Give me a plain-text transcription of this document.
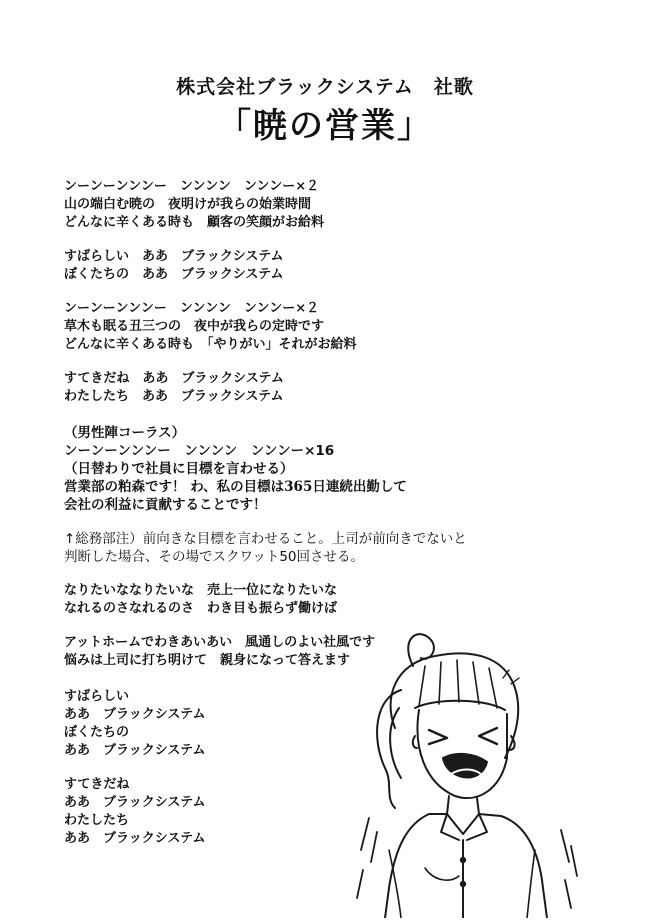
株式会社ブラックシステム　社歌
「暁の営業」
ンーンーンンンー　ンンンン　ンンンー×２
山の端白む暁の　夜明けが我らの始業時間
どんなに辛くある時も　顧客の笑顔がお給料
すばらしい　ああ　ブラックシステム
ぼくたちの　ああ　ブラックシステム
ンーンーンンンー　ンンンン　ンンンー×２
草木も眠る丑三つの　夜中が我らの定時です
どんなに辛くある時も　「やりがい」それがお給料
すてきだね　ああ　ブラックシステム
わたしたち　ああ　ブラックシステム
（男性陣コーラス）
ンーンーンンンー　ンンンン　ンンンー×16
（日替わりで社員に目標を言わせる）
営業部の粕森です！ わ、私の目標は365日連続出勤して
会社の利益に貢献することです！
↑総務部注）前向きな目標を言わせること。上司が前向きでないと
判断した場合、その場でスクワット50回させる。
なりたいななりたいな　売上一位になりたいな
なれるのさなれるのさ　わき目も振らず働けば
アットホームでわきあいあい　風通しのよい社風です
悩みは上司に打ち明けて　親身になって答えます
すばらしい
ああ　ブラックシステム
ぼくたちの
ああ　ブラックシステム
すてきだね
ああ　ブラックシステム
わたしたち
ああ　ブラックシステム
